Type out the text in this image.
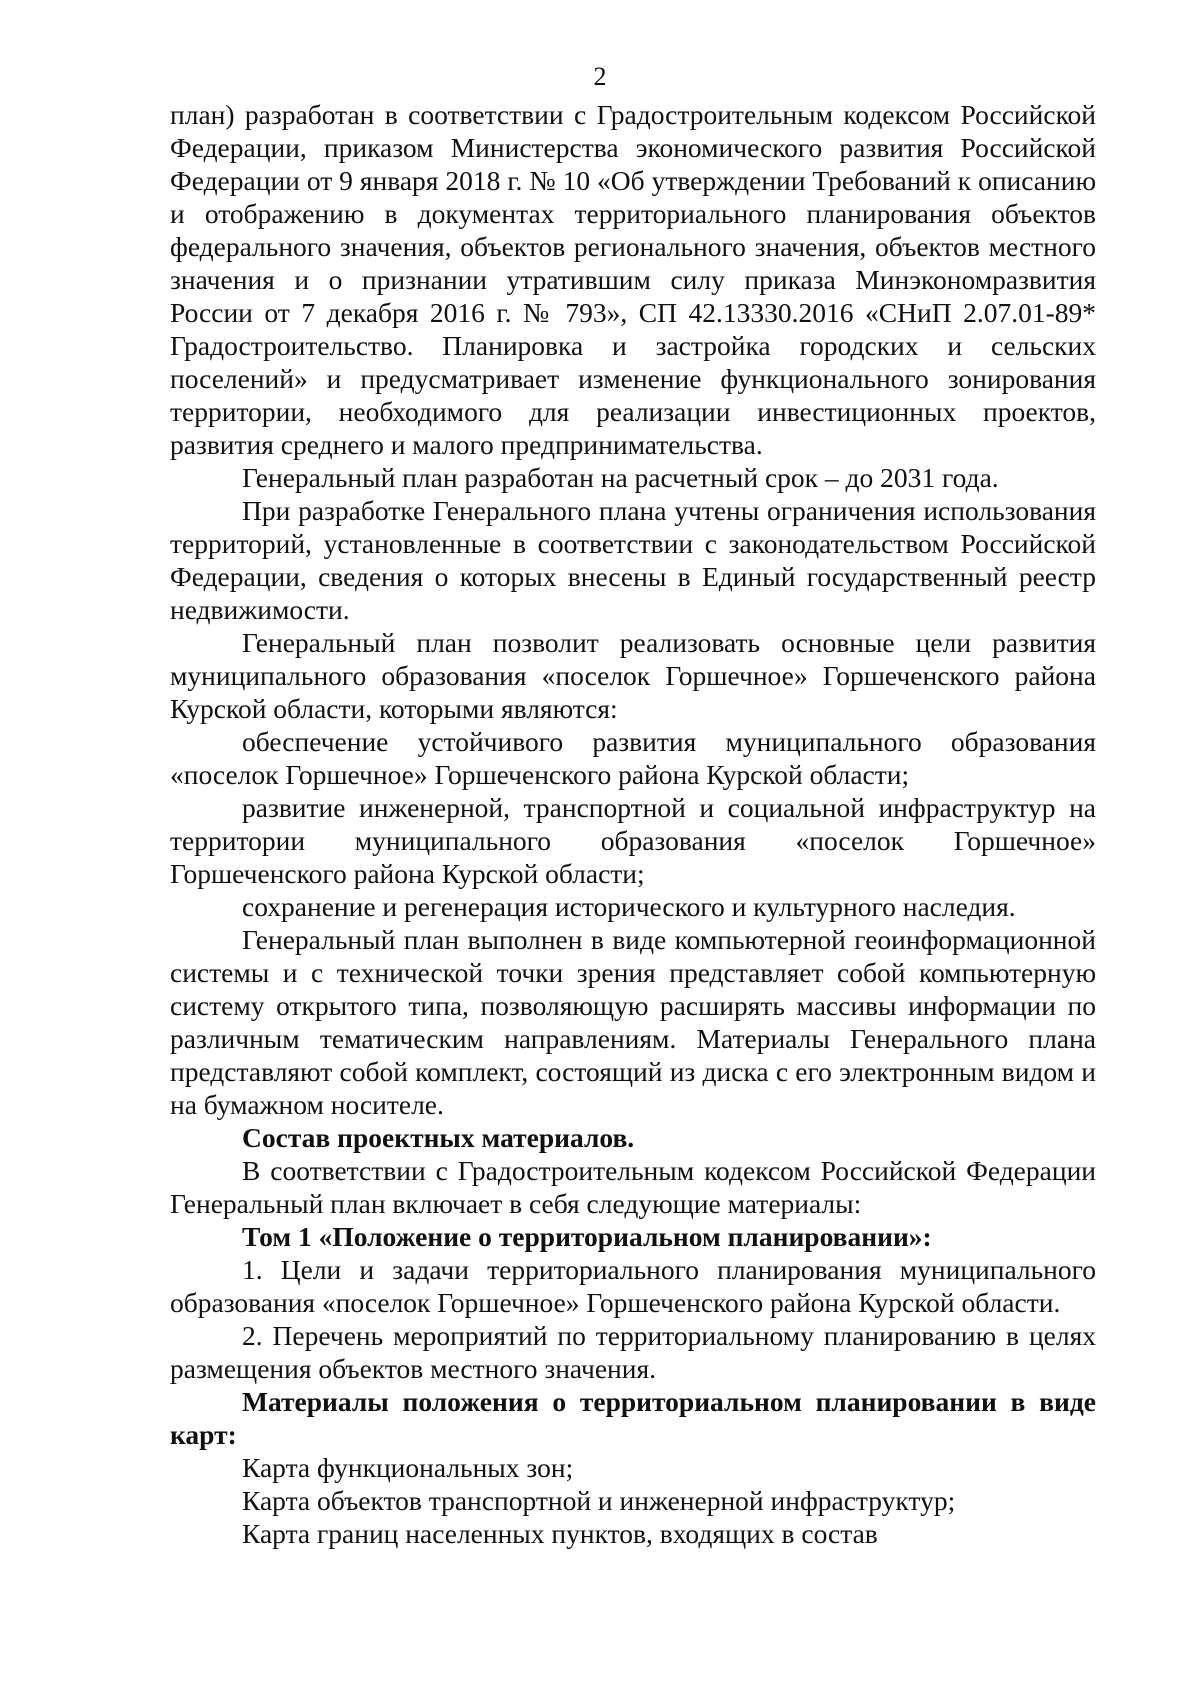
2

план) разработан в соответствии с Градостроительным кодексом Российской Федерации, приказом Министерства экономического развития Российской Федерации от 9 января 2018 г. № 10 «Об утверждении Требований к описанию и отображению в документах территориального планирования объектов федерального значения, объектов регионального значения, объектов местного значения и о признании утратившим силу приказа Минэкономразвития России от 7 декабря 2016 г. № 793», СП 42.13330.2016 «СНиП 2.07.01-89* Градостроительство. Планировка и застройка городских и сельских поселений» и предусматривает изменение функционального зонирования территории, необходимого для реализации инвестиционных проектов, развития среднего и малого предпринимательства.

Генеральный план разработан на расчетный срок – до 2031 года.

При разработке Генерального плана учтены ограничения использования территорий, установленные в соответствии с законодательством Российской Федерации, сведения о которых внесены в Единый государственный реестр недвижимости.

Генеральный план позволит реализовать основные цели развития муниципального образования «поселок Горшечное» Горшеченского района Курской области, которыми являются:

обеспечение устойчивого развития муниципального образования «поселок Горшечное» Горшеченского района Курской области;

развитие инженерной, транспортной и социальной инфраструктур на территории муниципального образования «поселок Горшечное» Горшеченского района Курской области;

сохранение и регенерация исторического и культурного наследия.

Генеральный план выполнен в виде компьютерной геоинформационной системы и с технической точки зрения представляет собой компьютерную систему открытого типа, позволяющую расширять массивы информации по различным тематическим направлениям. Материалы Генерального плана представляют собой комплект, состоящий из диска с его электронным видом и на бумажном носителе.

Состав проектных материалов.

В соответствии с Градостроительным кодексом Российской Федерации Генеральный план включает в себя следующие материалы:

Том 1 «Положение о территориальном планировании»:

1. Цели и задачи территориального планирования муниципального образования «поселок Горшечное» Горшеченского района Курской области.

2. Перечень мероприятий по территориальному планированию в целях размещения объектов местного значения.

Материалы положения о территориальном планировании в виде карт:

Карта функциональных зон;

Карта объектов транспортной и инженерной инфраструктур;

Карта границ населенных пунктов, входящих в состав
